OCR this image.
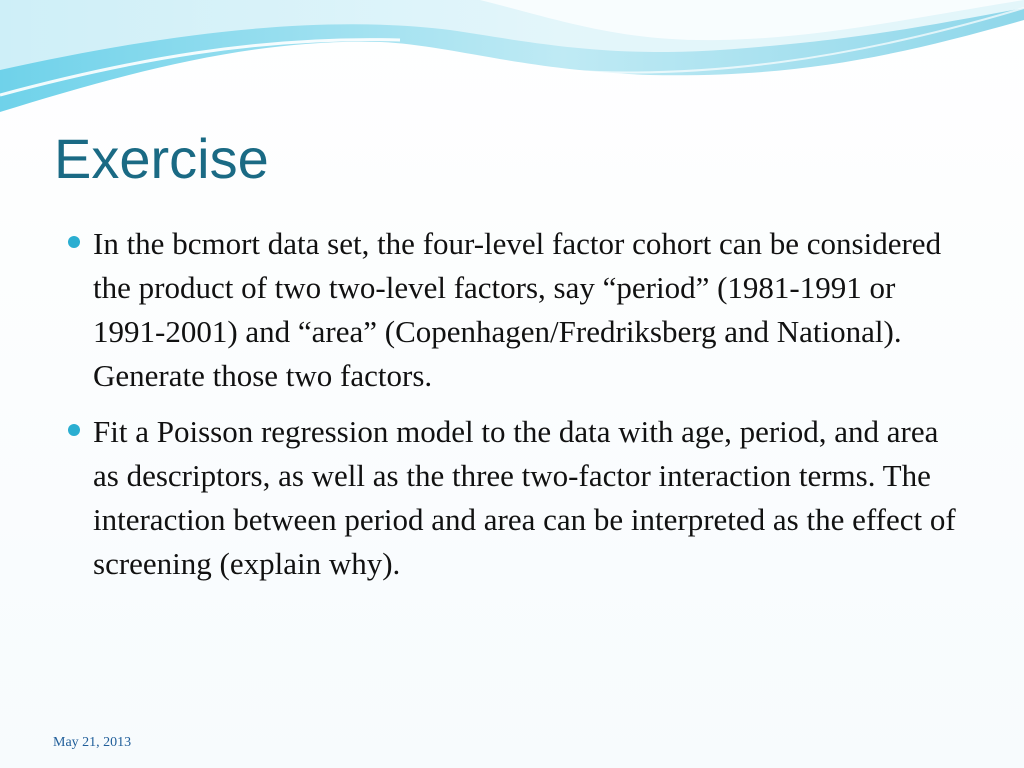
Exercise
In the bcmort data set, the four-level factor cohort can be considered the product of two two-level factors, say “period” (1981-1991 or 1991-2001) and “area” (Copenhagen/Fredriksberg and National). Generate those two factors.
Fit a Poisson regression model to the data with age, period, and area as descriptors, as well as the three two-factor interaction terms. The interaction between period and area can be interpreted as the effect of screening (explain why).
May 21, 2013
